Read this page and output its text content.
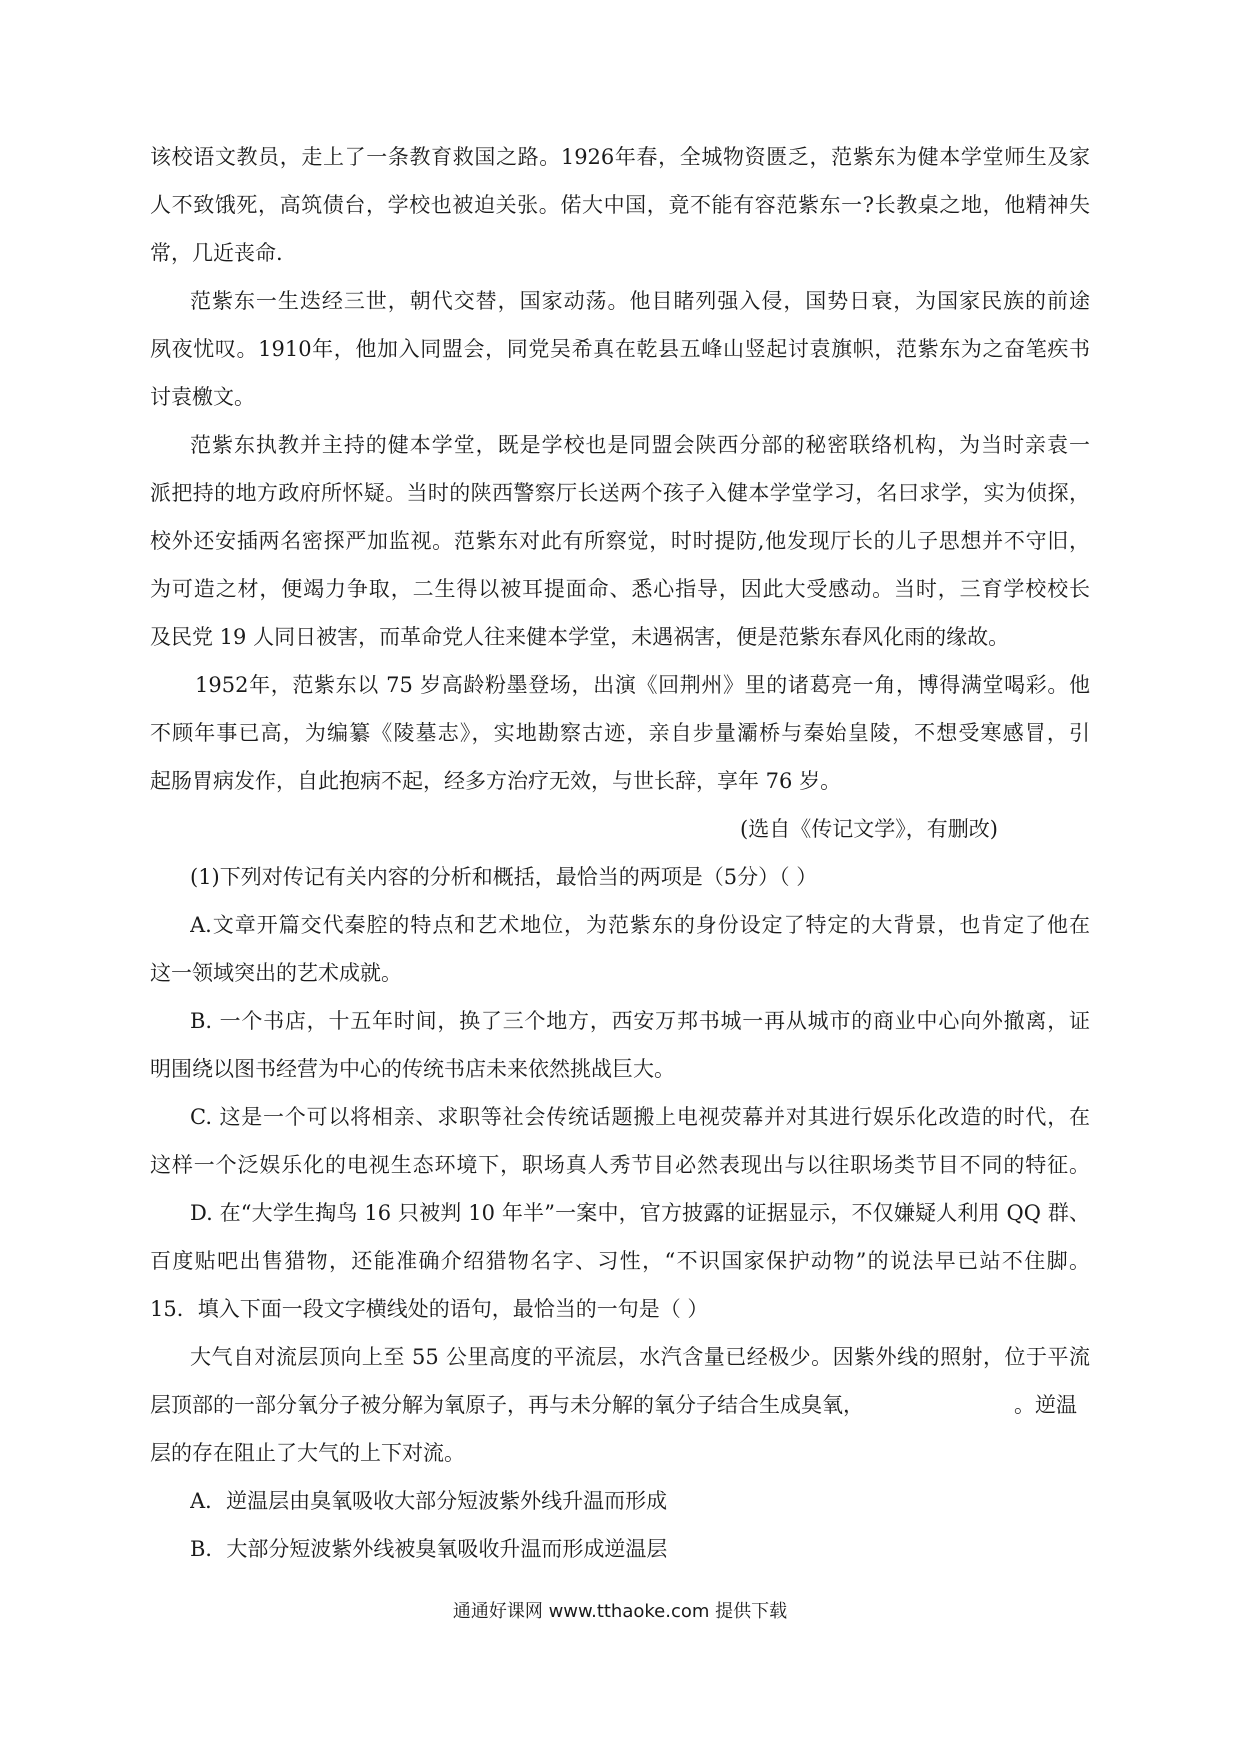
该校语文教员，走上了一条教育救国之路。1926年春，全城物资匮乏，范紫东为健本学堂师生及家
人不致饿死，高筑债台，学校也被迫关张。偌大中国，竟不能有容范紫东一?长教桌之地，他精神失
常，几近丧命.
范紫东一生迭经三世，朝代交替，国家动荡。他目睹列强入侵，国势日衰，为国家民族的前途
夙夜忧叹。1910年，他加入同盟会，同党吴希真在乾县五峰山竖起讨袁旗帜，范紫东为之奋笔疾书
讨袁檄文。
范紫东执教并主持的健本学堂，既是学校也是同盟会陕西分部的秘密联络机构，为当时亲袁一
派把持的地方政府所怀疑。当时的陕西警察厅长送两个孩子入健本学堂学习，名曰求学，实为侦探，
校外还安插两名密探严加监视。范紫东对此有所察觉，时时提防,他发现厅长的儿子思想并不守旧，
为可造之材，便竭力争取，二生得以被耳提面命、悉心指导，因此大受感动。当时，三育学校校长
及民党 19 人同日被害，而革命党人往来健本学堂，未遇祸害，便是范紫东春风化雨的缘故。
1952年，范紫东以 75 岁高龄粉墨登场，出演《回荆州》里的诸葛亮一角，博得满堂喝彩。他
不顾年事已高，为编纂《陵墓志》，实地勘察古迹，亲自步量灞桥与秦始皇陵，不想受寒感冒，引
起肠胃病发作，自此抱病不起，经多方治疗无效，与世长辞，享年 76 岁。
(选自《传记文学》，有删改)
(1)下列对传记有关内容的分析和概括，最恰当的两项是（5分）（ ）
A.文章开篇交代秦腔的特点和艺术地位，为范紫东的身份设定了特定的大背景，也肯定了他在
这一领域突出的艺术成就。
B. 一个书店，十五年时间，换了三个地方，西安万邦书城一再从城市的商业中心向外撤离，证
明围绕以图书经营为中心的传统书店未来依然挑战巨大。
C. 这是一个可以将相亲、求职等社会传统话题搬上电视荧幕并对其进行娱乐化改造的时代，在
这样一个泛娱乐化的电视生态环境下，职场真人秀节目必然表现出与以往职场类节目不同的特征。
D. 在“大学生掏鸟 16 只被判 10 年半”一案中，官方披露的证据显示，不仅嫌疑人利用 QQ 群、
百度贴吧出售猎物，还能准确介绍猎物名字、习性，“不识国家保护动物”的说法早已站不住脚。
15．填入下面一段文字横线处的语句，最恰当的一句是（ ）
大气自对流层顶向上至 55 公里高度的平流层，水汽含量已经极少。因紫外线的照射，位于平流
层顶部的一部分氧分子被分解为氧原子，再与未分解的氧分子结合生成臭氧，	。逆温
层的存在阻止了大气的上下对流。
通通好课网 www.tthaoke.com 提供下载
A．逆温层由臭氧吸收大部分短波紫外线升温而形成
B．大部分短波紫外线被臭氧吸收升温而形成逆温层
